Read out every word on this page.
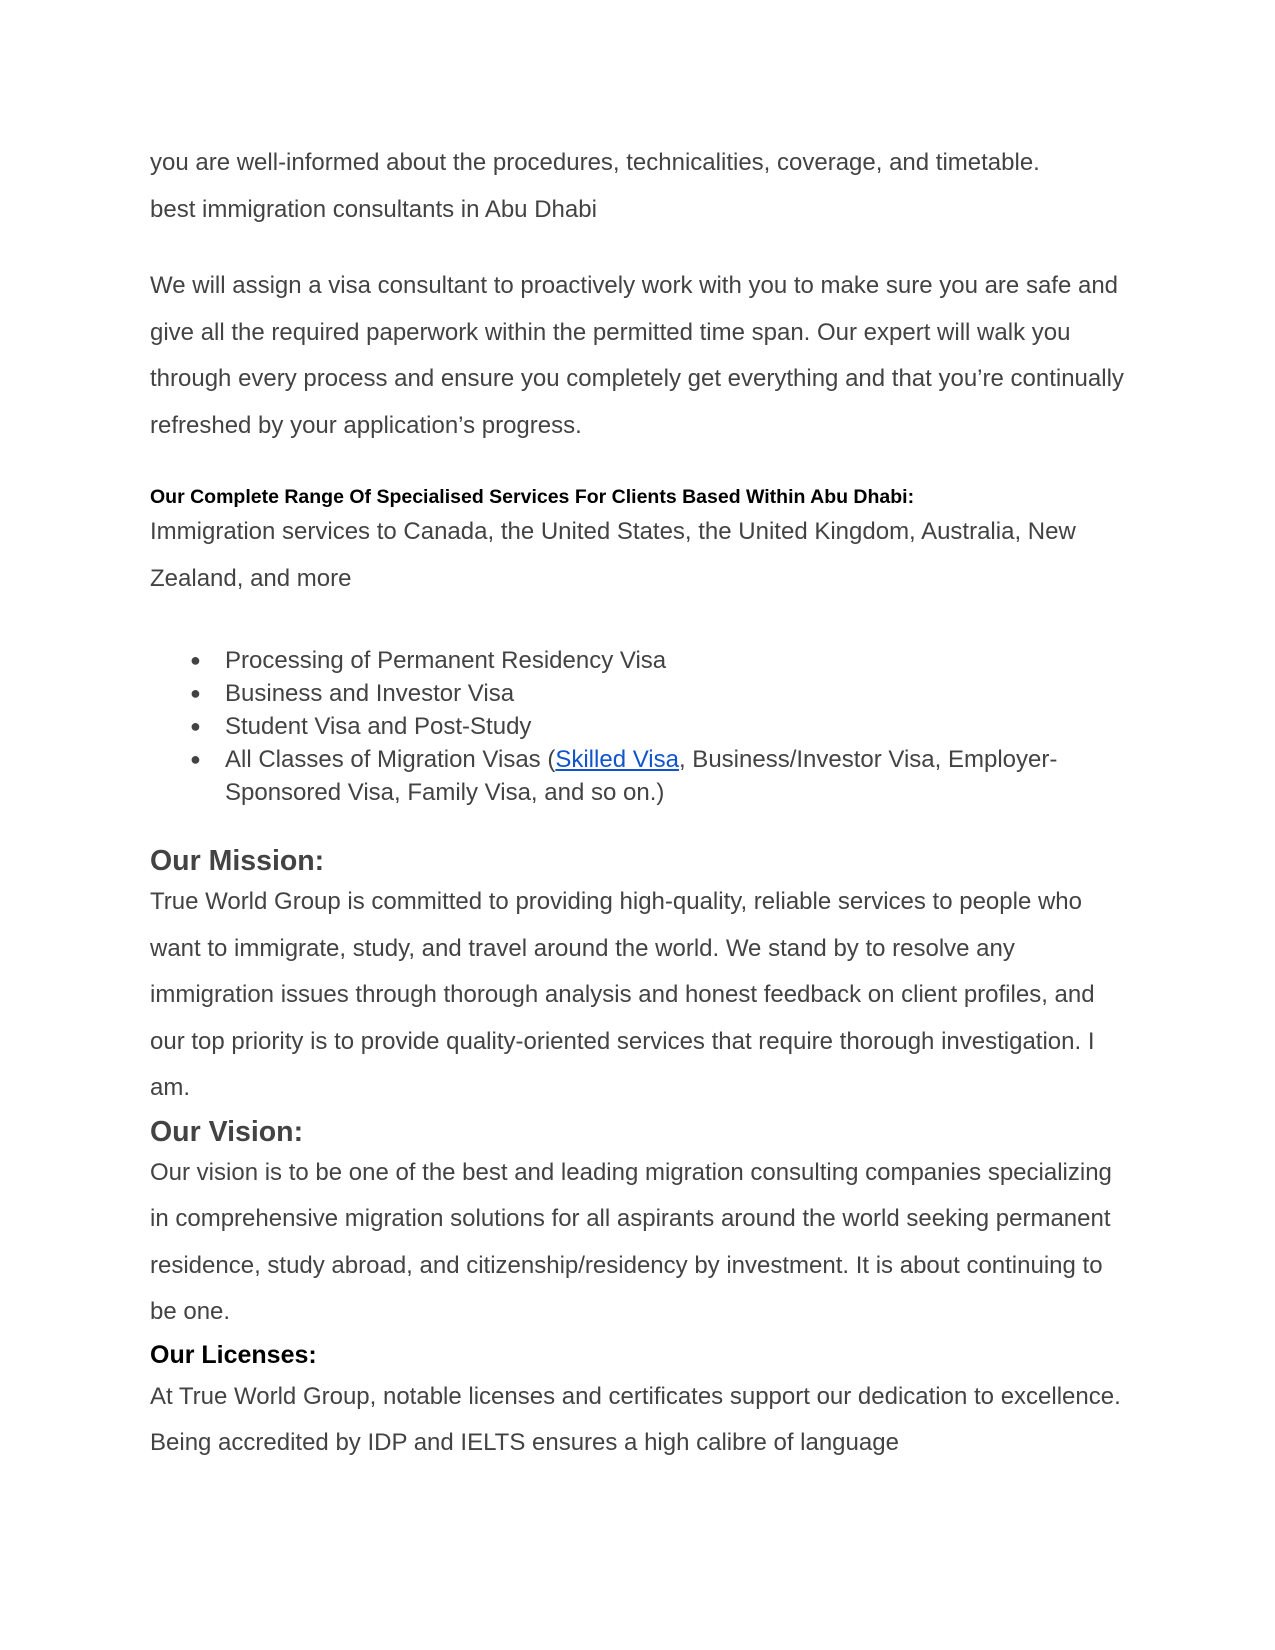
you are well-informed about the procedures, technicalities, coverage, and timetable.

best immigration consultants in Abu Dhabi

We will assign a visa consultant to proactively work with you to make sure you are safe and give all the required paperwork within the permitted time span. Our expert will walk you through every process and ensure you completely get everything and that you’re continually refreshed by your application’s progress.

Our Complete Range Of Specialised Services For Clients Based Within Abu Dhabi:

Immigration services to Canada, the United States, the United Kingdom, Australia, New Zealand, and more

● Processing of Permanent Residency Visa
● Business and Investor Visa
● Student Visa and Post-Study
● All Classes of Migration Visas (Skilled Visa, Business/Investor Visa, Employer-Sponsored Visa, Family Visa, and so on.)
Our Mission:

True World Group is committed to providing high-quality, reliable services to people who want to immigrate, study, and travel around the world. We stand by to resolve any immigration issues through thorough analysis and honest feedback on client profiles, and our top priority is to provide quality-oriented services that require thorough investigation. I am.

Our Vision:

Our vision is to be one of the best and leading migration consulting companies specializing in comprehensive migration solutions for all aspirants around the world seeking permanent residence, study abroad, and citizenship/residency by investment. It is about continuing to be one.

Our Licenses:

At True World Group, notable licenses and certificates support our dedication to excellence. Being accredited by IDP and IELTS ensures a high calibre of language
